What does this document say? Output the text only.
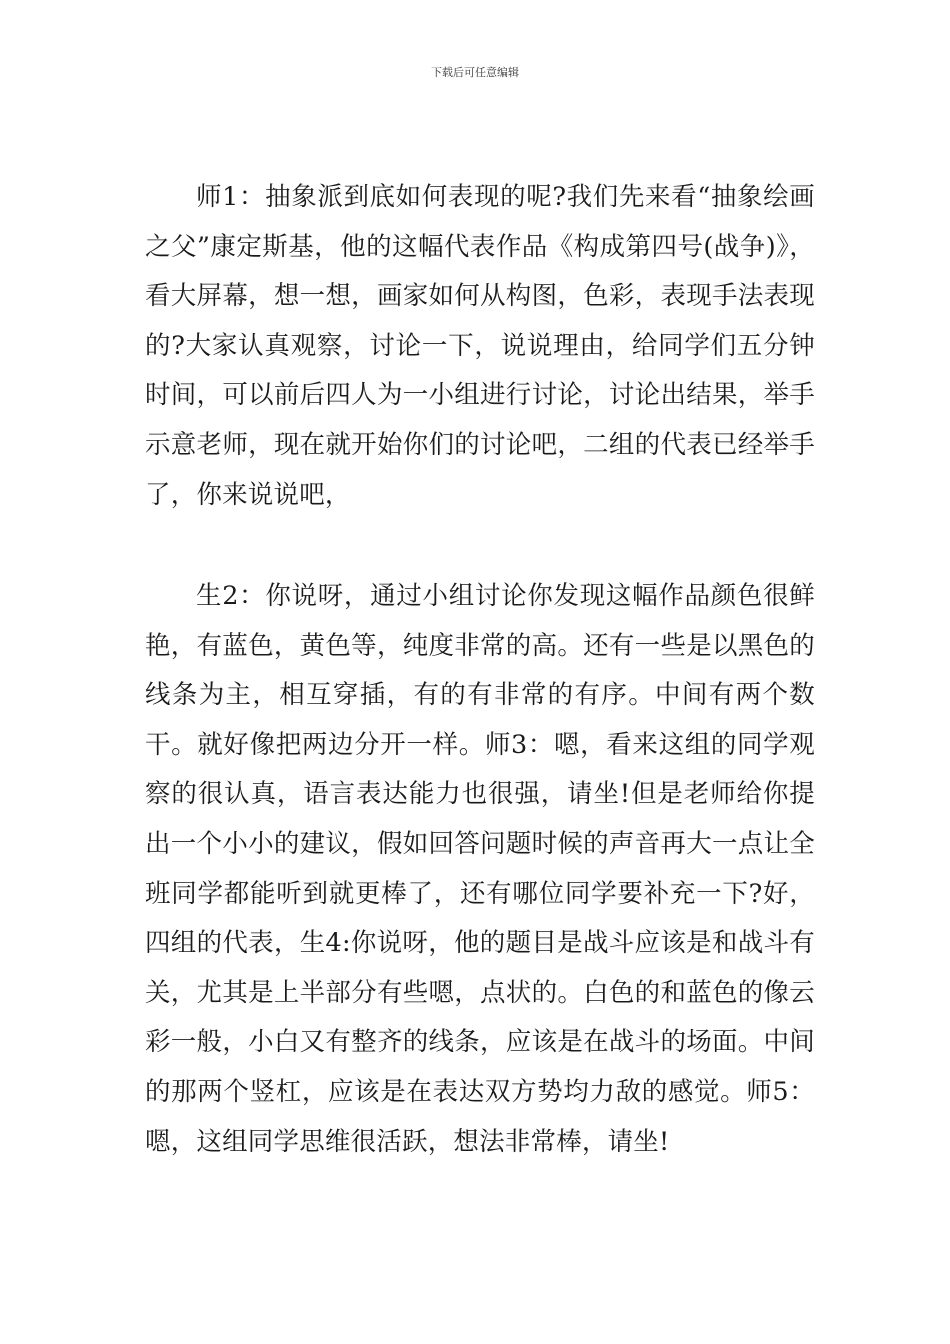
下载后可任意编辑

师1：抽象派到底如何表现的呢?我们先来看“抽象绘画之父”康定斯基，他的这幅代表作品《构成第四号(战争)》，看大屏幕，想一想，画家如何从构图，色彩，表现手法表现的?大家认真观察，讨论一下，说说理由，给同学们五分钟时间，可以前后四人为一小组进行讨论，讨论出结果，举手示意老师，现在就开始你们的讨论吧，二组的代表已经举手了，你来说说吧，

生2：你说呀，通过小组讨论你发现这幅作品颜色很鲜艳，有蓝色，黄色等，纯度非常的高。还有一些是以黑色的线条为主，相互穿插，有的有非常的有序。中间有两个数干。就好像把两边分开一样。师3：嗯，看来这组的同学观察的很认真，语言表达能力也很强，请坐!但是老师给你提出一个小小的建议，假如回答问题时候的声音再大一点让全班同学都能听到就更棒了，还有哪位同学要补充一下?好，四组的代表，生4:你说呀，他的题目是战斗应该是和战斗有关，尤其是上半部分有些嗯，点状的。白色的和蓝色的像云彩一般，小白又有整齐的线条，应该是在战斗的场面。中间的那两个竖杠，应该是在表达双方势均力敌的感觉。师5：嗯，这组同学思维很活跃，想法非常棒，请坐!
